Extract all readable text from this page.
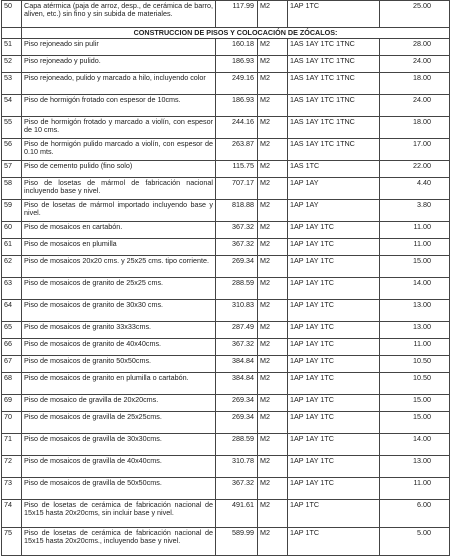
50	Capa atérmica (paja de arroz, desp., de cerámica de barro, aliven, etc.) sin fino y sin subida de materiales.	117.99	M2	1AP 1TC	25.00
	CONSTRUCCION DE PISOS Y COLOCACIÓN DE ZÓCALOS:				
51	Piso rejoneado sin pulir	160.18	M2	1AS 1AY 1TC 1TNC	28.00
52	Piso rejoneado y pulido.	186.93	M2	1AS 1AY 1TC 1TNC	24.00
53	Piso rejoneado, pulido y marcado a hilo, incluyendo color	249.16	M2	1AS 1AY 1TC 1TNC	18.00
54	Piso de hormigón frotado con espesor de 10cms.	186.93	M2	1AS 1AY 1TC 1TNC	24.00
55	Piso de hormigón frotado y marcado a violín, con espesor de 10 cms.	244.16	M2	1AS 1AY 1TC 1TNC	18.00
56	Piso de hormigón pulido marcado a violín, con espesor de 0.10 mts.	263.87	M2	1AS 1AY 1TC 1TNC	17.00
57	Piso de cemento pulido (fino solo)	115.75	M2	1AS 1TC	22.00
58	Piso de losetas de mármol de fabricación nacional incluyendo base y nivel.	707.17	M2	1AP 1AY	4.40
59	Piso de losetas de mármol importado incluyendo base y nivel.	818.88	M2	1AP 1AY	3.80
60	Piso de mosaicos en cartabón.	367.32	M2	1AP 1AY 1TC	11.00
61	Piso de mosaicos en plumilla	367.32	M2	1AP 1AY 1TC	11.00
62	Piso de mosaicos 20x20 cms. y 25x25 cms. tipo corriente.	269.34	M2	1AP 1AY 1TC	15.00
63	Piso de mosaicos de granito de 25x25 cms.	288.59	M2	1AP 1AY 1TC	14.00
64	Piso de mosaicos de granito de 30x30 cms.	310.83	M2	1AP 1AY 1TC	13.00
65	Piso de mosaicos de granito 33x33cms.	287.49	M2	1AP 1AY 1TC	13.00
66	Piso de mosaicos de granito de 40x40cms.	367.32	M2	1AP 1AY 1TC	11.00
67	Piso de mosaicos de granito 50x50cms.	384.84	M2	1AP 1AY 1TC	10.50
68	Piso de mosaicos de granito en plumilla o cartabón.	384.84	M2	1AP 1AY 1TC	10.50
69	Piso de mosaico de gravilla de 20x20cms.	269.34	M2	1AP 1AY 1TC	15.00
70	Piso de mosaicos de gravilla de 25x25cms.	269.34	M2	1AP 1AY 1TC	15.00
71	Piso de mosaicos de gravilla de 30x30cms.	288.59	M2	1AP 1AY 1TC	14.00
72	Piso de mosaicos de gravilla de 40x40cms.	310.78	M2	1AP 1AY 1TC	13.00
73	Piso de mosaicos de gravilla de 50x50cms.	367.32	M2	1AP 1AY 1TC	11.00
74	Piso de losetas de cerámica de fabricación nacional de 15x15 hasta 20x20cms, sin incluir base y nivel.	491.61	M2	1AP 1TC	6.00
75	Piso de losetas de cerámica de fabricación nacional de 15x15 hasta 20x20cms., incluyendo base y nivel.	589.99	M2	1AP 1TC	5.00
